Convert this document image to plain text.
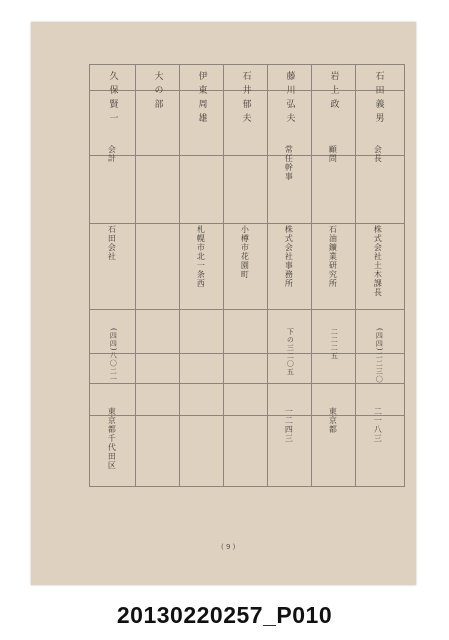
石田義男
会長
株式会社土木課長
(四四)二二三〇
二一八三
岩上政
顧問
石油鑛業研究所
二二二五
東京都
藤川弘夫
常任幹事
株式会社事務所
下の三二〇五
一二四三
石井郁夫
小樽市花園町
伊東周雄
札幌市北一条西
大の部
久保賢一
会計
石田会社
(四四)八〇二一
東京都千代田区
( 9 )
20130220257_P010
